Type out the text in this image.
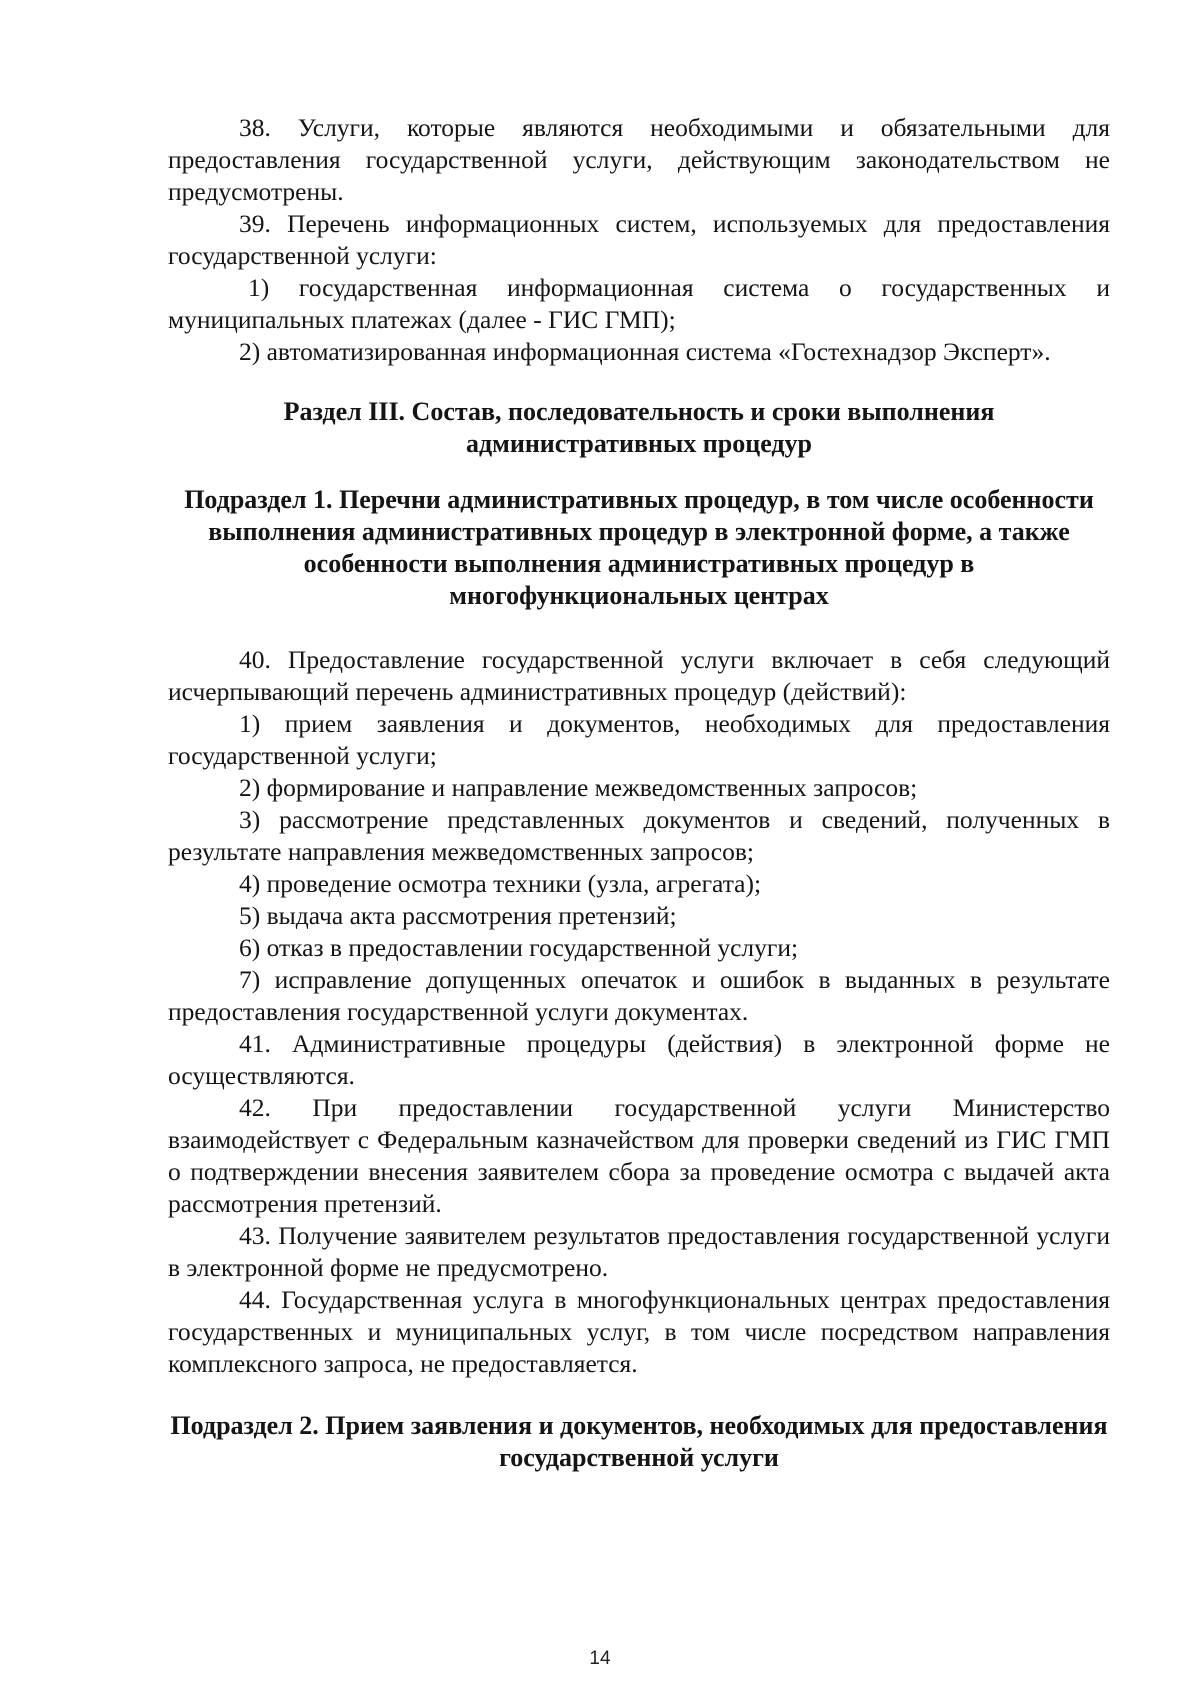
38. Услуги, которые являются необходимыми и обязательными для предоставления государственной услуги, действующим законодательством не предусмотрены.

39. Перечень информационных систем, используемых для предоставления государственной услуги:

1) государственная информационная система о государственных и муниципальных платежах (далее - ГИС ГМП);

2) автоматизированная информационная система «Гостехнадзор Эксперт».

Раздел III. Состав, последовательность и сроки выполнения административных процедур

Подраздел 1. Перечни административных процедур, в том числе особенности выполнения административных процедур в электронной форме, а также особенности выполнения административных процедур в многофункциональных центрах

40. Предоставление государственной услуги включает в себя следующий исчерпывающий перечень административных процедур (действий):

1) прием заявления и документов, необходимых для предоставления государственной услуги;

2) формирование и направление межведомственных запросов;

3) рассмотрение представленных документов и сведений, полученных в результате направления межведомственных запросов;

4) проведение осмотра техники (узла, агрегата);

5) выдача акта рассмотрения претензий;

6) отказ в предоставлении государственной услуги;

7) исправление допущенных опечаток и ошибок в выданных в результате предоставления государственной услуги документах.

41. Административные процедуры (действия) в электронной форме не осуществляются.

42. При предоставлении государственной услуги Министерство взаимодействует с Федеральным казначейством для проверки сведений из ГИС ГМП о подтверждении внесения заявителем сбора за проведение осмотра с выдачей акта рассмотрения претензий.

43. Получение заявителем результатов предоставления государственной услуги в электронной форме не предусмотрено.

44. Государственная услуга в многофункциональных центрах предоставления государственных и муниципальных услуг, в том числе посредством направления комплексного запроса, не предоставляется.

Подраздел 2. Прием заявления и документов, необходимых для предоставления государственной услуги

14
